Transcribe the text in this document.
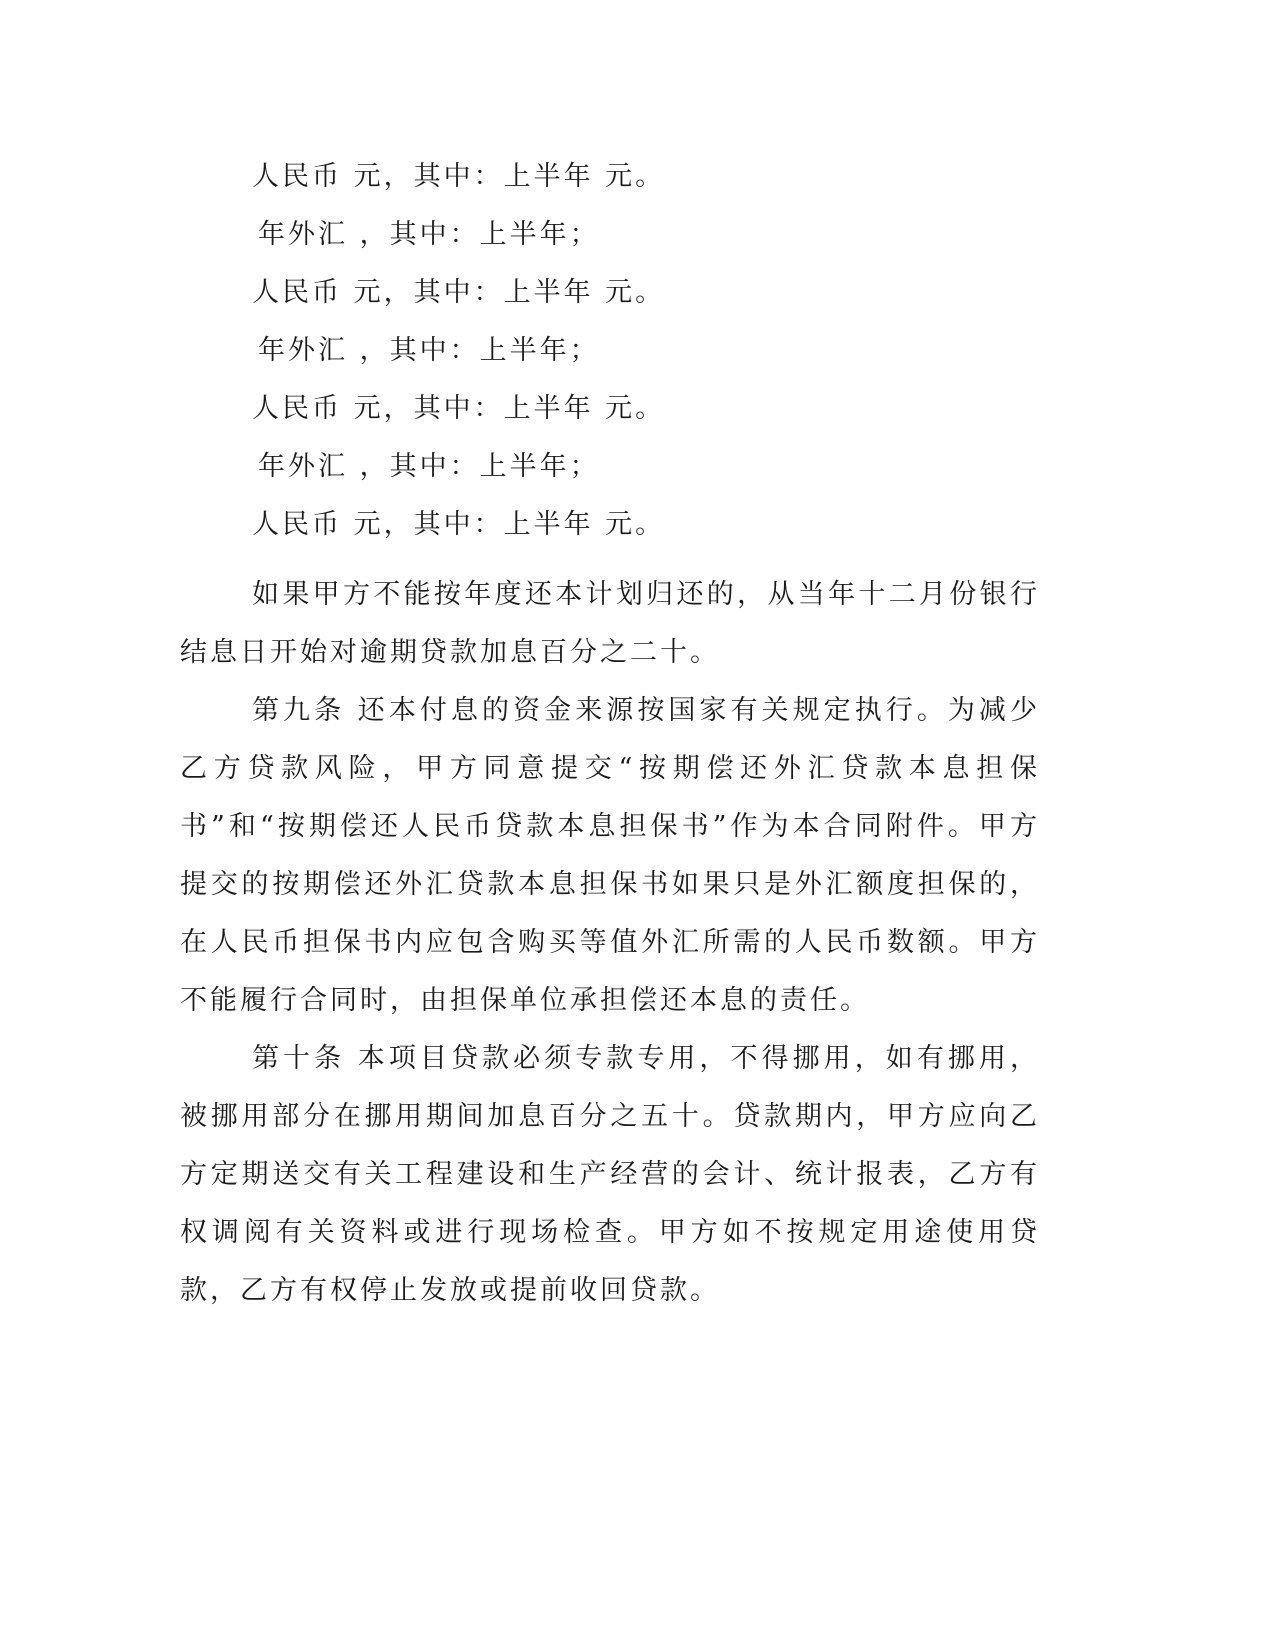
人民币 元，其中：上半年 元。
年外汇 ，其中：上半年；
人民币 元，其中：上半年 元。
年外汇 ，其中：上半年；
人民币 元，其中：上半年 元。
年外汇 ，其中：上半年；
人民币 元，其中：上半年 元。

如果甲方不能按年度还本计划归还的，从当年十二月份银行结息日开始对逾期贷款加息百分之二十。

第九条 还本付息的资金来源按国家有关规定执行。为减少乙方贷款风险，甲方同意提交“按期偿还外汇贷款本息担保书”和“按期偿还人民币贷款本息担保书”作为本合同附件。甲方提交的按期偿还外汇贷款本息担保书如果只是外汇额度担保的，在人民币担保书内应包含购买等值外汇所需的人民币数额。甲方不能履行合同时，由担保单位承担偿还本息的责任。

第十条 本项目贷款必须专款专用，不得挪用，如有挪用，被挪用部分在挪用期间加息百分之五十。贷款期内，甲方应向乙方定期送交有关工程建设和生产经营的会计、统计报表，乙方有权调阅有关资料或进行现场检查。甲方如不按规定用途使用贷款，乙方有权停止发放或提前收回贷款。
